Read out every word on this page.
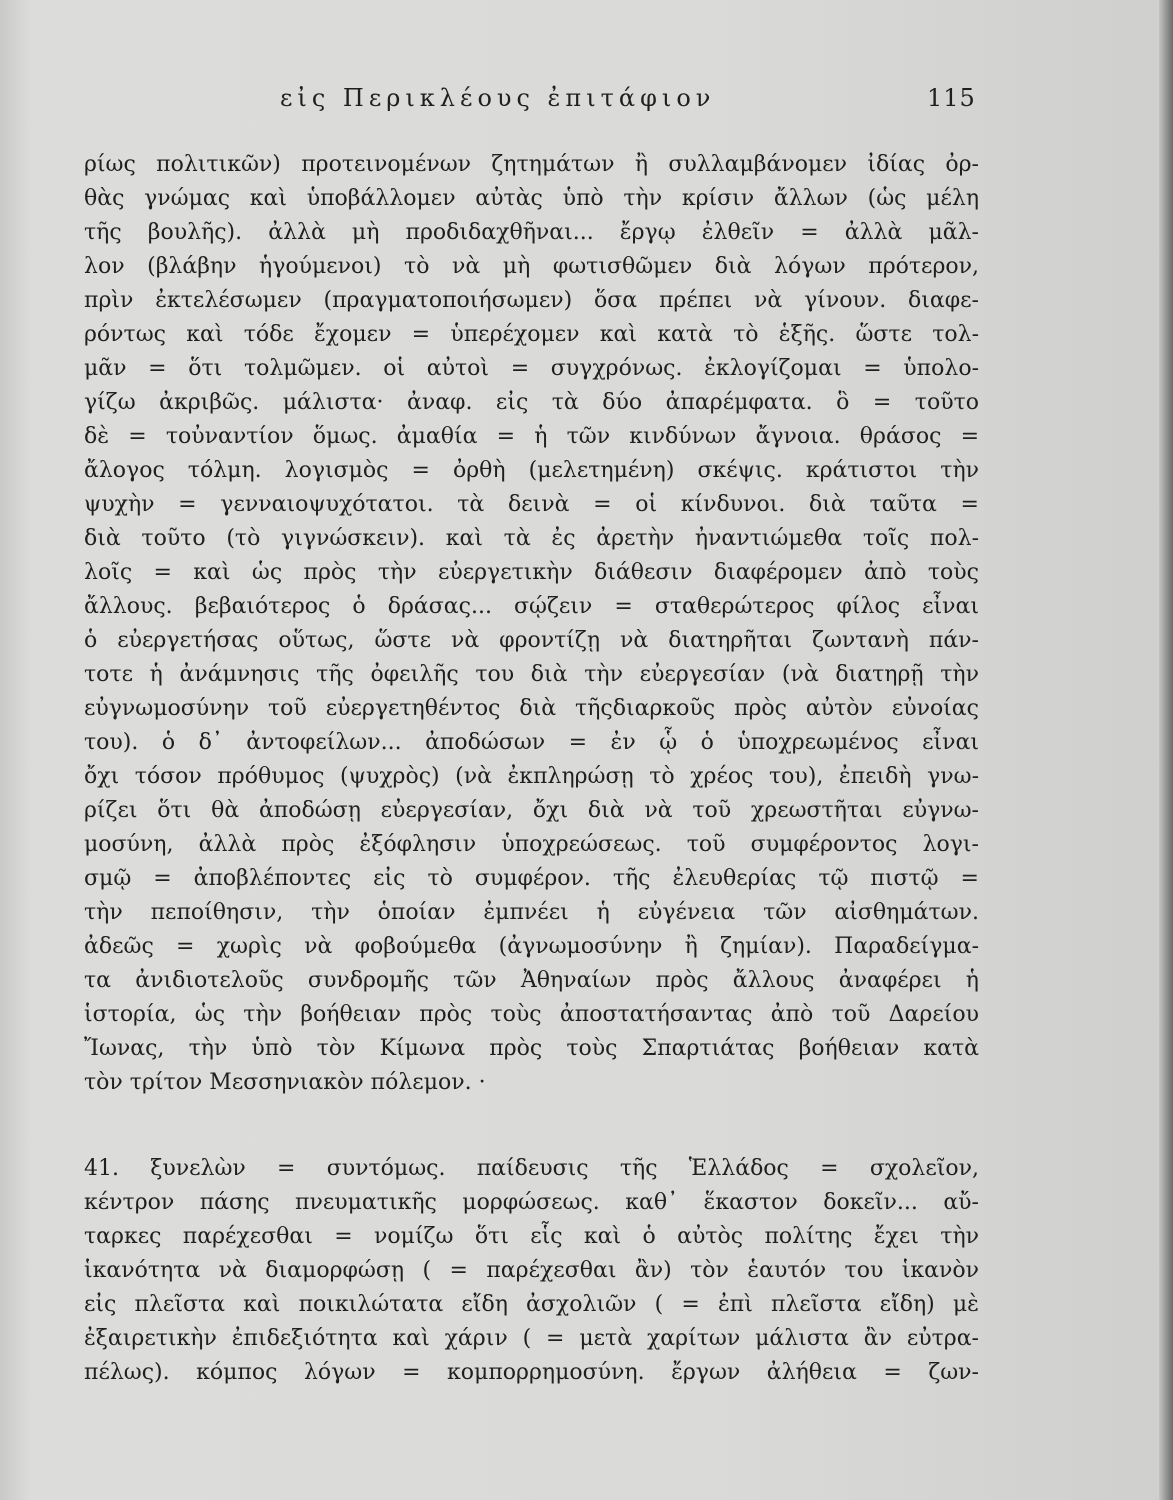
εἰς Περικλέους ἐπιτάφιον	115
ρίως πολιτικῶν) προτεινομένων ζητημάτων ἢ συλλαμβάνομεν ἰδίας ὀρ-
θὰς γνώμας καὶ ὑποβάλλομεν αὐτὰς ὑπὸ τὴν κρίσιν ἄλλων (ὡς μέλη
τῆς βουλῆς). ἀλλὰ μὴ προδιδαχθῆναι... ἔργῳ ἐλθεῖν = ἀλλὰ μᾶλ-
λον (βλάβην ἡγούμενοι) τὸ νὰ μὴ φωτισθῶμεν διὰ λόγων πρότερον,
πρὶν ἐκτελέσωμεν (πραγματοποιήσωμεν) ὅσα πρέπει νὰ γίνουν. διαφε-
ρόντως καὶ τόδε ἔχομεν = ὑπερέχομεν καὶ κατὰ τὸ ἑξῆς. ὥστε τολ-
μᾶν = ὅτι τολμῶμεν. οἱ αὐτοὶ = συγχρόνως. ἐκλογίζομαι = ὑπολο-
γίζω ἀκριβῶς. μάλιστα· ἀναφ. εἰς τὰ δύο ἀπαρέμφατα. ὃ = τοῦτο
δὲ = τοὐναντίον ὅμως. ἀμαθία = ἡ τῶν κινδύνων ἄγνοια. θράσος =
ἄλογος τόλμη. λογισμὸς = ὀρθὴ (μελετημένη) σκέψις. κράτιστοι τὴν
ψυχὴν = γενναιοψυχότατοι. τὰ δεινὰ = οἱ κίνδυνοι. διὰ ταῦτα =
διὰ τοῦτο (τὸ γιγνώσκειν). καὶ τὰ ἐς ἀρετὴν ἠναντιώμεθα τοῖς πολ-
λοῖς = καὶ ὡς πρὸς τὴν εὐεργετικὴν διάθεσιν διαφέρομεν ἀπὸ τοὺς
ἄλλους. βεβαιότερος ὁ δράσας... σῴζειν = σταθερώτερος φίλος εἶναι
ὁ εὐεργετήσας οὕτως, ὥστε νὰ φροντίζῃ νὰ διατηρῆται ζωντανὴ πάν-
τοτε ἡ ἀνάμνησις τῆς ὀφειλῆς του διὰ τὴν εὐεργεσίαν (νὰ διατηρῇ τὴν
εὐγνωμοσύνην τοῦ εὐεργετηθέντος διὰ τῆςδιαρκοῦς πρὸς αὐτὸν εὐνοίας
του). ὁ δ᾽ ἀντοφείλων... ἀποδώσων = ἐν ᾧ ὁ ὑποχρεωμένος εἶναι
ὄχι τόσον πρόθυμος (ψυχρὸς) (νὰ ἐκπληρώσῃ τὸ χρέος του), ἐπειδὴ γνω-
ρίζει ὅτι θὰ ἀποδώσῃ εὐεργεσίαν, ὄχι διὰ νὰ τοῦ χρεωστῆται εὐγνω-
μοσύνη, ἀλλὰ πρὸς ἐξόφλησιν ὑποχρεώσεως. τοῦ συμφέροντος λογι-
σμῷ = ἀποβλέποντες εἰς τὸ συμφέρον. τῆς ἐλευθερίας τῷ πιστῷ =
τὴν πεποίθησιν, τὴν ὁποίαν ἐμπνέει ἡ εὐγένεια τῶν αἰσθημάτων.
ἀδεῶς = χωρὶς νὰ φοβούμεθα (ἀγνωμοσύνην ἢ ζημίαν). Παραδείγμα-
τα ἀνιδιοτελοῦς συνδρομῆς τῶν Ἀθηναίων πρὸς ἄλλους ἀναφέρει ἡ
ἱστορία, ὡς τὴν βοήθειαν πρὸς τοὺς ἀποστατήσαντας ἀπὸ τοῦ Δαρείου
Ἴωνας, τὴν ὑπὸ τὸν Κίμωνα πρὸς τοὺς Σπαρτιάτας βοήθειαν κατὰ
τὸν τρίτον Μεσσηνιακὸν πόλεμον. ·
41. ξυνελὼν = συντόμως. παίδευσις τῆς Ἑλλάδος = σχολεῖον,
κέντρον πάσης πνευματικῆς μορφώσεως. καθ᾽ ἕκαστον δοκεῖν... αὔ-
ταρκες παρέχεσθαι = νομίζω ὅτι εἷς καὶ ὁ αὐτὸς πολίτης ἔχει τὴν
ἱκανότητα νὰ διαμορφώσῃ ( = παρέχεσθαι ἂν) τὸν ἑαυτόν του ἱκανὸν
εἰς πλεῖστα καὶ ποικιλώτατα εἴδη ἀσχολιῶν ( = ἐπὶ πλεῖστα εἴδη) μὲ
ἐξαιρετικὴν ἐπιδεξιότητα καὶ χάριν ( = μετὰ χαρίτων μάλιστα ἂν εὐτρα-
πέλως). κόμπος λόγων = κομπορρημοσύνη. ἔργων ἀλήθεια = ζων-
